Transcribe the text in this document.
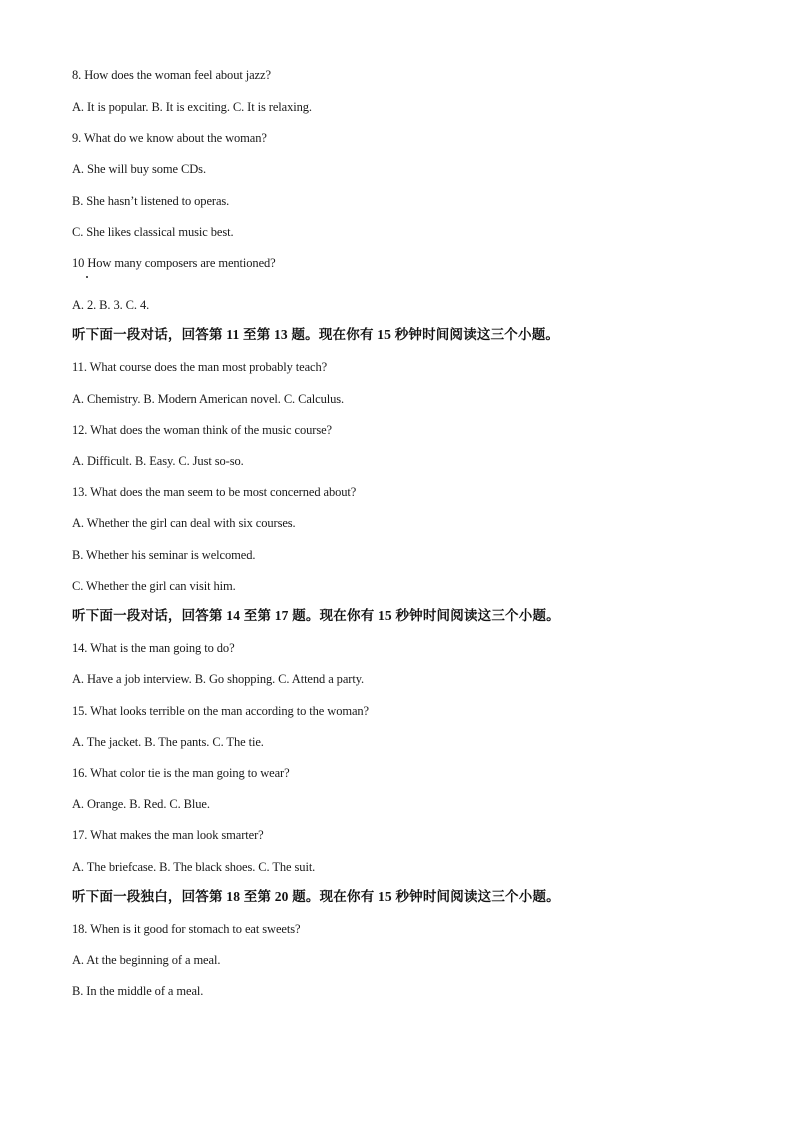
8. How does the woman feel about jazz?
A. It is popular. B. It is exciting. C. It is relaxing.
9. What do we know about the woman?
A. She will buy some CDs.
B. She hasn’t listened to operas.
C. She likes classical music best.
10 How many composers are mentioned?
A. 2. B. 3. C. 4.
听下面一段对话，回答第 11 至第 13 题。现在你有 15 秒钟时间阅读这三个小题。
11. What course does the man most probably teach?
A. Chemistry. B. Modern American novel. C. Calculus.
12. What does the woman think of the music course?
A. Difficult. B. Easy. C. Just so-so.
13. What does the man seem to be most concerned about?
A. Whether the girl can deal with six courses.
B. Whether his seminar is welcomed.
C. Whether the girl can visit him.
听下面一段对话，回答第 14 至第 17 题。现在你有 15 秒钟时间阅读这三个小题。
14. What is the man going to do?
A. Have a job interview. B. Go shopping. C. Attend a party.
15. What looks terrible on the man according to the woman?
A. The jacket. B. The pants. C. The tie.
16. What color tie is the man going to wear?
A. Orange. B. Red. C. Blue.
17. What makes the man look smarter?
A. The briefcase. B. The black shoes. C. The suit.
听下面一段独白，回答第 18 至第 20 题。现在你有 15 秒钟时间阅读这三个小题。
18. When is it good for stomach to eat sweets?
A. At the beginning of a meal.
B. In the middle of a meal.
